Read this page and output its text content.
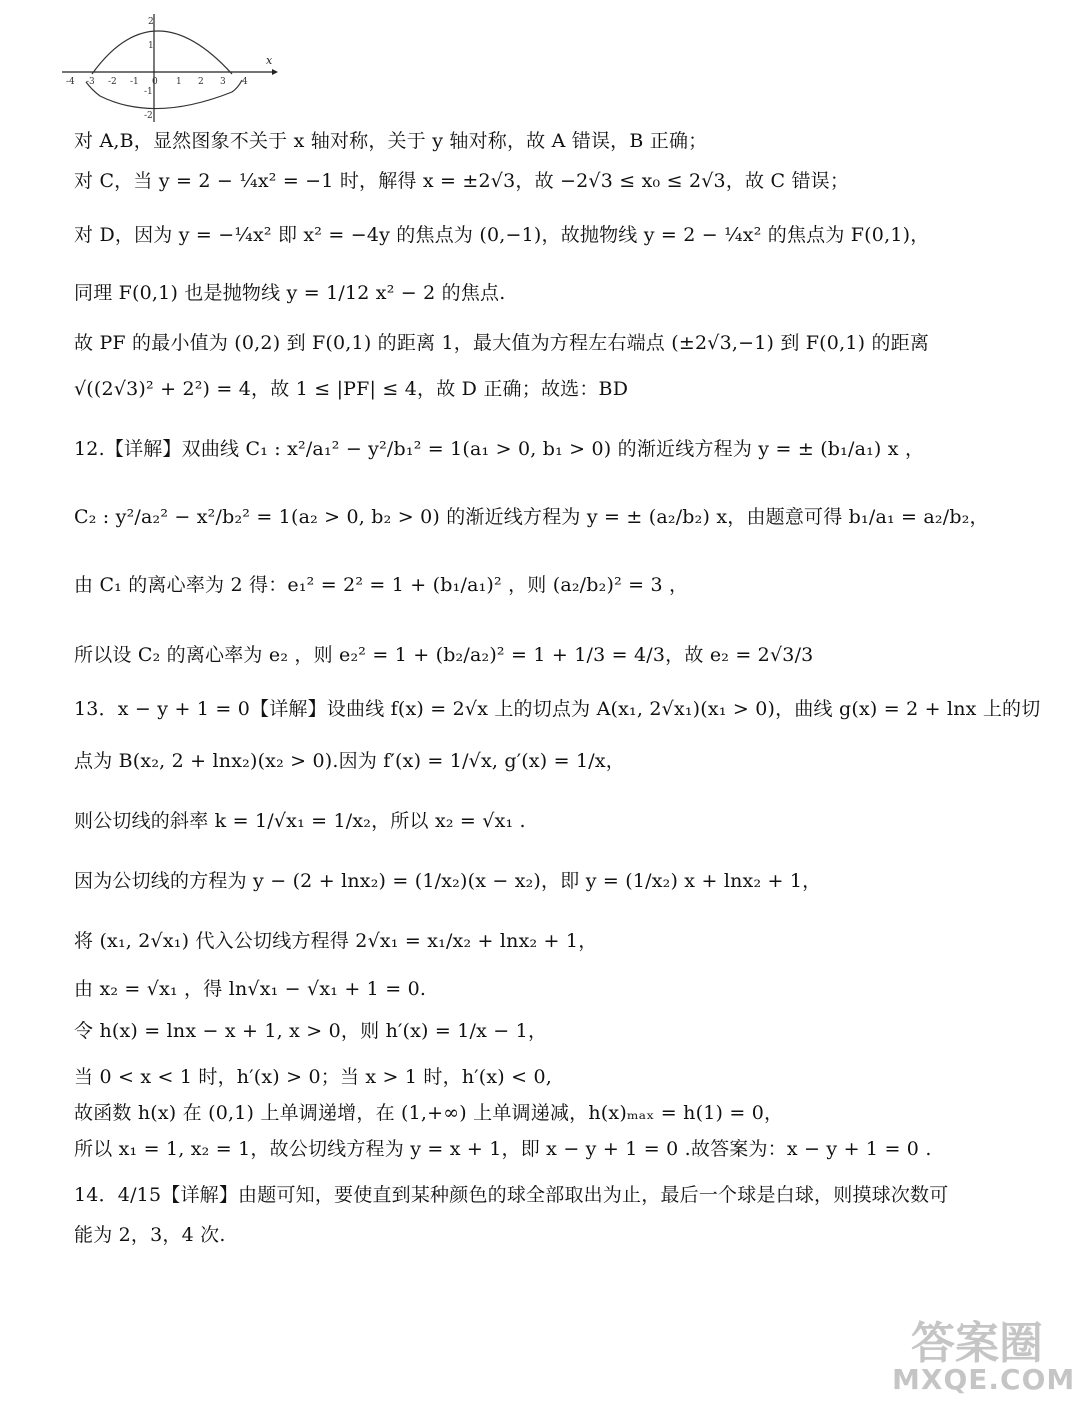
x
2
1
-1
-2
-4 -3 -2 -1 0 1 2 3 4
对 A,B，显然图象不关于 x 轴对称，关于 y 轴对称，故 A 错误，B 正确；
对 C，当 y = 2 − ¼x² = −1 时，解得 x = ±2√3，故 −2√3 ≤ x₀ ≤ 2√3，故 C 错误；
对 D，因为 y = −¼x² 即 x² = −4y 的焦点为 (0,−1)，故抛物线 y = 2 − ¼x² 的焦点为 F(0,1)，
同理 F(0,1) 也是抛物线 y = 1/12 x² − 2 的焦点.
故 PF 的最小值为 (0,2) 到 F(0,1) 的距离 1，最大值为方程左右端点 (±2√3,−1) 到 F(0,1) 的距离
√((2√3)² + 2²) = 4，故 1 ≤ |PF| ≤ 4，故 D 正确；故选：BD
12.【详解】双曲线 C₁ : x²/a₁² − y²/b₁² = 1(a₁ > 0, b₁ > 0) 的渐近线方程为 y = ± (b₁/a₁) x ，
C₂ : y²/a₂² − x²/b₂² = 1(a₂ > 0, b₂ > 0) 的渐近线方程为 y = ± (a₂/b₂) x，由题意可得 b₁/a₁ = a₂/b₂，
由 C₁ 的离心率为 2 得：e₁² = 2² = 1 + (b₁/a₁)² ，则 (a₂/b₂)² = 3 ，
所以设 C₂ 的离心率为 e₂ ，则 e₂² = 1 + (b₂/a₂)² = 1 + 1/3 = 4/3，故 e₂ = 2√3/3
13．x − y + 1 = 0【详解】设曲线 f(x) = 2√x 上的切点为 A(x₁, 2√x₁)(x₁ > 0)，曲线 g(x) = 2 + lnx 上的切
点为 B(x₂, 2 + lnx₂)(x₂ > 0).因为 f′(x) = 1/√x, g′(x) = 1/x，
则公切线的斜率 k = 1/√x₁ = 1/x₂，所以 x₂ = √x₁ .
因为公切线的方程为 y − (2 + lnx₂) = (1/x₂)(x − x₂)，即 y = (1/x₂) x + lnx₂ + 1，
将 (x₁, 2√x₁) 代入公切线方程得 2√x₁ = x₁/x₂ + lnx₂ + 1，
由 x₂ = √x₁ ，得 ln√x₁ − √x₁ + 1 = 0.
令 h(x) = lnx − x + 1, x > 0，则 h′(x) = 1/x − 1，
当 0 < x < 1 时，h′(x) > 0；当 x > 1 时，h′(x) < 0,
故函数 h(x) 在 (0,1) 上单调递增，在 (1,+∞) 上单调递减，h(x)ₘₐₓ = h(1) = 0，
所以 x₁ = 1, x₂ = 1，故公切线方程为 y = x + 1，即 x − y + 1 = 0 .故答案为：x − y + 1 = 0 .
14．4/15【详解】由题可知，要使直到某种颜色的球全部取出为止，最后一个球是白球，则摸球次数可
能为 2，3，4 次.
答案圈
MXQE.COM
